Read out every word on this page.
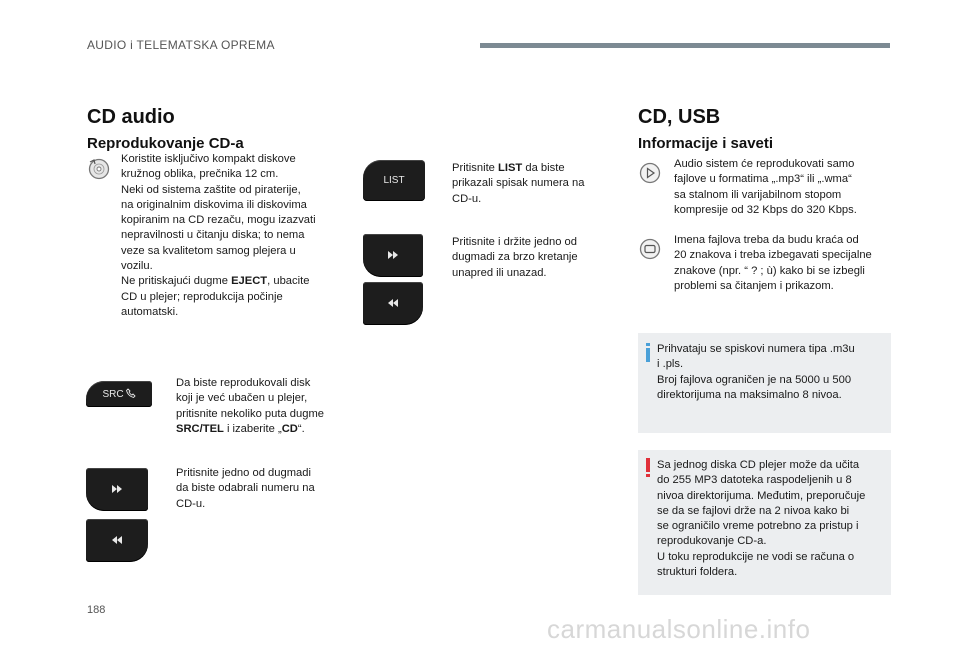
AUDIO i TELEMATSKA OPREMA
CD audio
Reprodukovanje CD-a
Koristite isključivo kompakt diskove
kružnog oblika, prečnika 12 cm.
Neki od sistema zaštite od piraterije,
na originalnim diskovima ili diskovima
kopiranim na CD rezaču, mogu izazvati
nepravilnosti u čitanju diska; to nema
veze sa kvalitetom samog plejera u
vozilu.
Ne pritiskajući dugme EJECT, ubacite
CD u plejer; reprodukcija počinje
automatski.
SRC
Da biste reprodukovali disk
koji je već ubačen u plejer,
pritisnite nekoliko puta dugme
SRC/TEL i izaberite „CD“.
Pritisnite jedno od dugmadi
da biste odabrali numeru na
CD-u.
LIST
Pritisnite LIST da biste
prikazali spisak numera na
CD-u.
Pritisnite i držite jedno od
dugmadi za brzo kretanje
unapred ili unazad.
CD, USB
Informacije i saveti
Audio sistem će reprodukovati samo
fajlove u formatima „.mp3“ ili „.wma“
sa stalnom ili varijabilnom stopom
kompresije od 32 Kbps do 320 Kbps.
Imena fajlova treba da budu kraća od
20 znakova i treba izbegavati specijalne
znakove (npr. “ ? ; ù) kako bi se izbegli
problemi sa čitanjem i prikazom.
Prihvataju se spiskovi numera tipa .m3u
i .pls.
Broj fajlova ograničen je na 5000 u 500
direktorijuma na maksimalno 8 nivoa.
Sa jednog diska CD plejer može da učita
do 255 MP3 datoteka raspodeljenih u 8
nivoa direktorijuma. Međutim, preporučuje
se da se fajlovi drže na 2 nivoa kako bi
se ograničilo vreme potrebno za pristup i
reprodukovanje CD-a.
U toku reprodukcije ne vodi se računa o
strukturi foldera.
188
carmanualsonline.info
